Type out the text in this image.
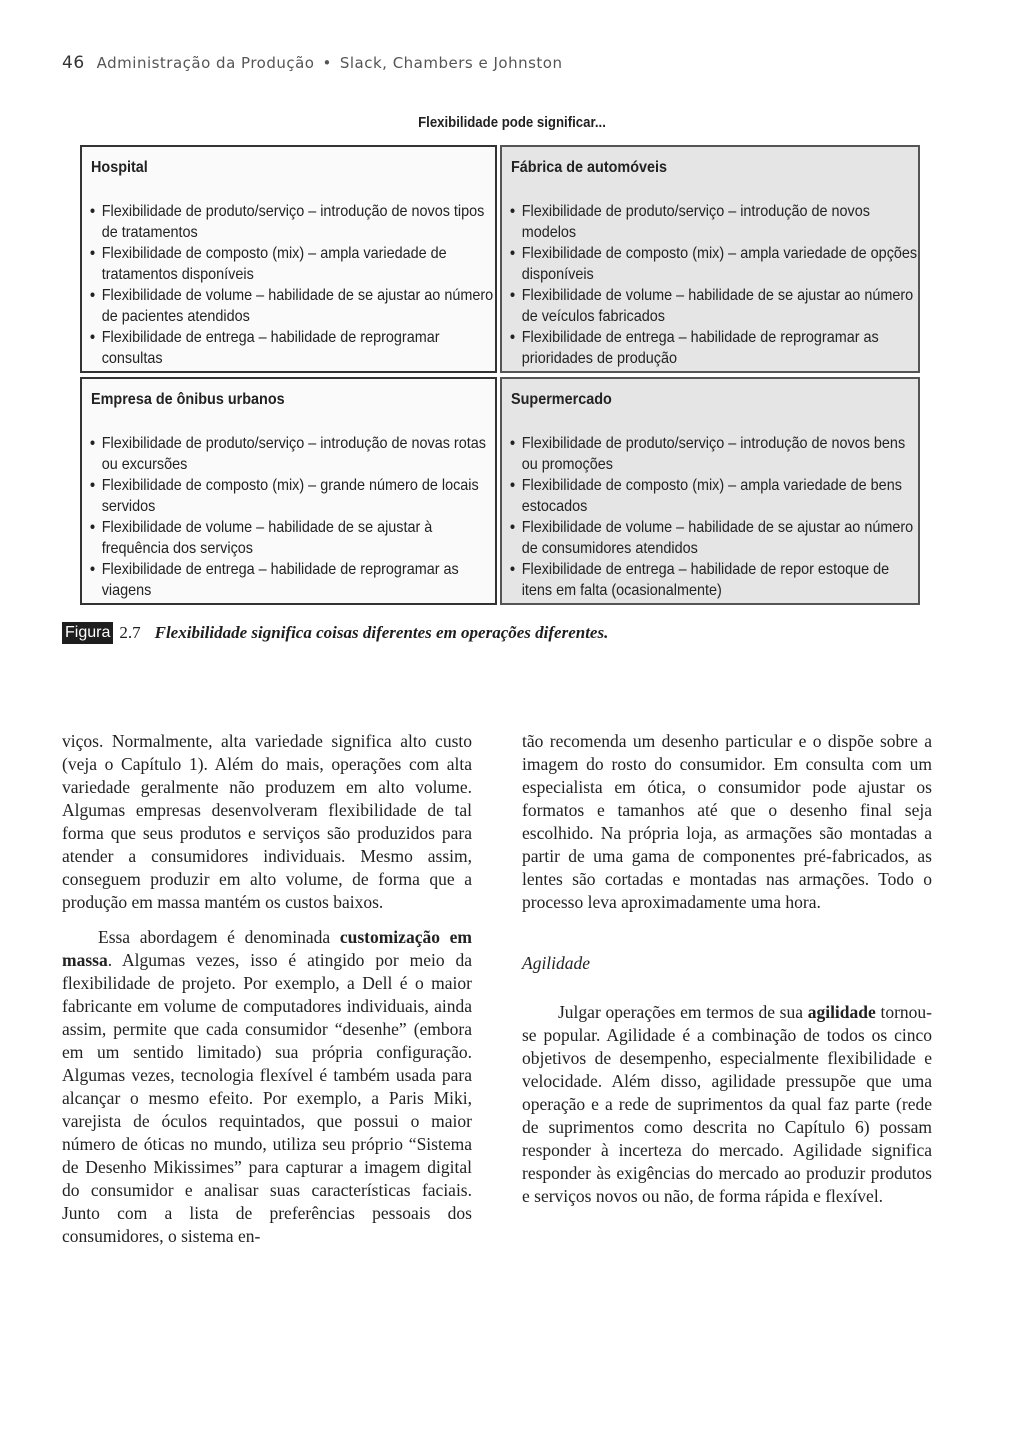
46 Administração da Produção • Slack, Chambers e Johnston
Flexibilidade pode significar...
Hospital
• Flexibilidade de produto/serviço – introdução de novos tipos de tratamentos
• Flexibilidade de composto (mix) – ampla variedade de tratamentos disponíveis
• Flexibilidade de volume – habilidade de se ajustar ao número de pacientes atendidos
• Flexibilidade de entrega – habilidade de reprogramar consultas
Fábrica de automóveis
• Flexibilidade de produto/serviço – introdução de novos modelos
• Flexibilidade de composto (mix) – ampla variedade de opções disponíveis
• Flexibilidade de volume – habilidade de se ajustar ao número de veículos fabricados
• Flexibilidade de entrega – habilidade de reprogramar as prioridades de produção
Empresa de ônibus urbanos
• Flexibilidade de produto/serviço – introdução de novas rotas ou excursões
• Flexibilidade de composto (mix) – grande número de locais servidos
• Flexibilidade de volume – habilidade de se ajustar à frequência dos serviços
• Flexibilidade de entrega – habilidade de reprogramar as viagens
Supermercado
• Flexibilidade de produto/serviço – introdução de novos bens ou promoções
• Flexibilidade de composto (mix) – ampla variedade de bens estocados
• Flexibilidade de volume – habilidade de se ajustar ao número de consumidores atendidos
• Flexibilidade de entrega – habilidade de repor estoque de itens em falta (ocasionalmente)
Figura 2.7 Flexibilidade significa coisas diferentes em operações diferentes.

viços. Normalmente, alta variedade significa alto custo (veja o Capítulo 1). Além do mais, operações com alta variedade geralmente não produzem em alto volume. Algumas empresas desenvolveram flexibilidade de tal forma que seus produtos e serviços são produzidos para atender a consumidores individuais. Mesmo assim, conseguem produzir em alto volume, de forma que a produção em massa mantém os custos baixos.

Essa abordagem é denominada customização em massa. Algumas vezes, isso é atingido por meio da flexibilidade de projeto. Por exemplo, a Dell é o maior fabricante em volume de computadores individuais, ainda assim, permite que cada consumidor “desenhe” (embora em um sentido limitado) sua própria configuração. Algumas vezes, tecnologia flexível é também usada para alcançar o mesmo efeito. Por exemplo, a Paris Miki, varejista de óculos requintados, que possui o maior número de óticas no mundo, utiliza seu próprio “Sistema de Desenho Mikissimes” para capturar a imagem digital do consumidor e analisar suas características faciais. Junto com a lista de preferências pessoais dos consumidores, o sistema en-

tão recomenda um desenho particular e o dispõe sobre a imagem do rosto do consumidor. Em consulta com um especialista em ótica, o consumidor pode ajustar os formatos e tamanhos até que o desenho final seja escolhido. Na própria loja, as armações são montadas a partir de uma gama de componentes pré-fabricados, as lentes são cortadas e montadas nas armações. Todo o processo leva aproximadamente uma hora.

Agilidade

Julgar operações em termos de sua agilidade tornou-se popular. Agilidade é a combinação de todos os cinco objetivos de desempenho, especialmente flexibilidade e velocidade. Além disso, agilidade pressupõe que uma operação e a rede de suprimentos da qual faz parte (rede de suprimentos como descrita no Capítulo 6) possam responder à incerteza do mercado. Agilidade significa responder às exigências do mercado ao produzir produtos e serviços novos ou não, de forma rápida e flexível.
